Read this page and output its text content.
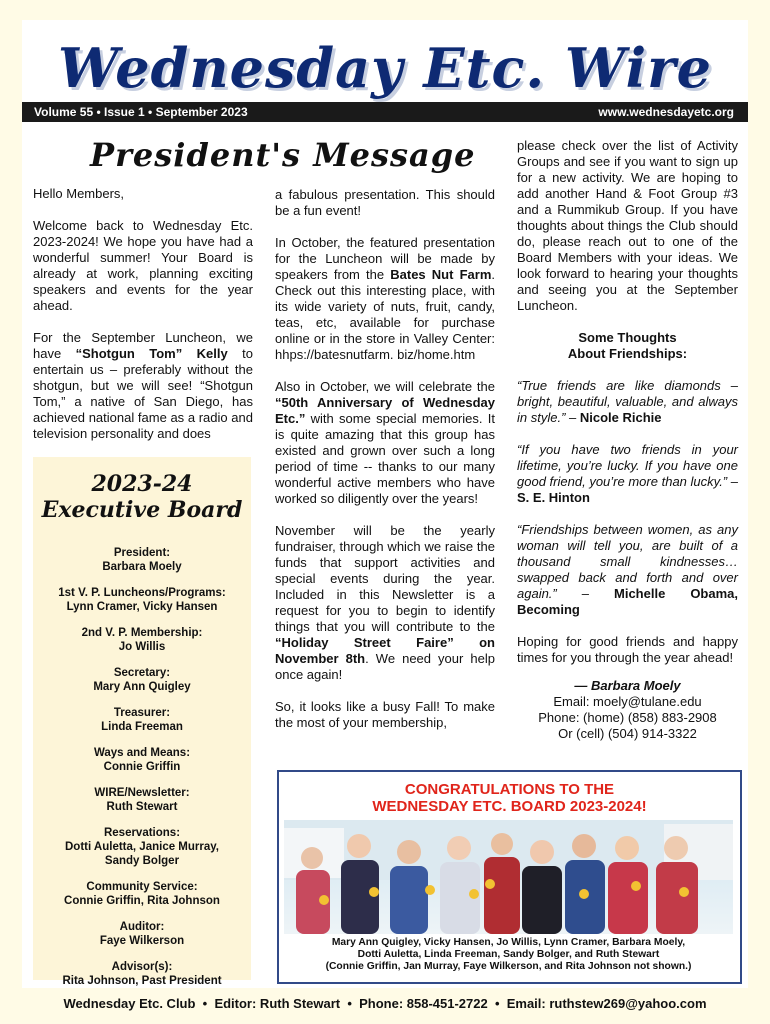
Wednesday Etc. Wire
Volume 55 • Issue 1 • September 2023	www.wednesdayetc.org
President's Message

Hello Members,

Welcome back to Wednesday Etc. 2023-2024! We hope you have had a wonderful summer! Your Board is already at work, planning exciting speakers and events for the year ahead.

For the September Luncheon, we have “Shotgun Tom” Kelly to entertain us – preferably without the shotgun, but we will see! “Shotgun Tom,” a native of San Diego, has achieved national fame as a radio and television personality and does

2023-24
Executive Board
President:
Barbara Moely
1st V. P. Luncheons/Programs:
Lynn Cramer, Vicky Hansen
2nd V. P. Membership:
Jo Willis
Secretary:
Mary Ann Quigley
Treasurer:
Linda Freeman
Ways and Means:
Connie Griffin
WIRE/Newsletter:
Ruth Stewart
Reservations:
Dotti Auletta, Janice Murray,
Sandy Bolger
Community Service:
Connie Griffin, Rita Johnson
Auditor:
Faye Wilkerson
Advisor(s):
Rita Johnson, Past President

a fabulous presentation. This should be a fun event!

In October, the featured presentation for the Luncheon will be made by speakers from the Bates Nut Farm. Check out this interesting place, with its wide variety of nuts, fruit, candy, teas, etc, available for purchase online or in the store in Valley Center: hhps://batesnutfarm. biz/home.htm

Also in October, we will celebrate the “50th Anniversary of Wednesday Etc.” with some special memories. It is quite amazing that this group has existed and grown over such a long period of time -- thanks to our many wonderful active members who have worked so diligently over the years!

November will be the yearly fundraiser, through which we raise the funds that support activities and special events during the year. Included in this Newsletter is a request for you to begin to identify things that you will contribute to the “Holiday Street Faire” on November 8th. We need your help once again!

So, it looks like a busy Fall! To make the most of your membership,

please check over the list of Activity Groups and see if you want to sign up for a new activity. We are hoping to add another Hand & Foot Group #3 and a Rummikub Group. If you have thoughts about things the Club should do, please reach out to one of the Board Members with your ideas. We look forward to hearing your thoughts and seeing you at the September Luncheon.

Some Thoughts
About Friendships:

“True friends are like diamonds – bright, beautiful, valuable, and always in style.” – Nicole Richie

“If you have two friends in your lifetime, you’re lucky. If you have one good friend, you’re more than lucky.” – S. E. Hinton

“Friendships between women, as any woman will tell you, are built of a thousand small kindnesses… swapped back and forth and over again.” – Michelle Obama, Becoming

Hoping for good friends and happy times for you through the year ahead!

— Barbara Moely
Email: moely@tulane.edu
Phone: (home) (858) 883-2908
Or (cell) (504) 914-3322
CONGRATULATIONS TO THE
WEDNESDAY ETC. BOARD 2023-2024!
Mary Ann Quigley, Vicky Hansen, Jo Willis, Lynn Cramer, Barbara Moely,
Dotti Auletta, Linda Freeman, Sandy Bolger, and Ruth Stewart
(Connie Griffin, Jan Murray, Faye Wilkerson, and Rita Johnson not shown.)
Wednesday Etc. Club  •  Editor: Ruth Stewart  •  Phone: 858-451-2722  •  Email: ruthstew269@yahoo.com
